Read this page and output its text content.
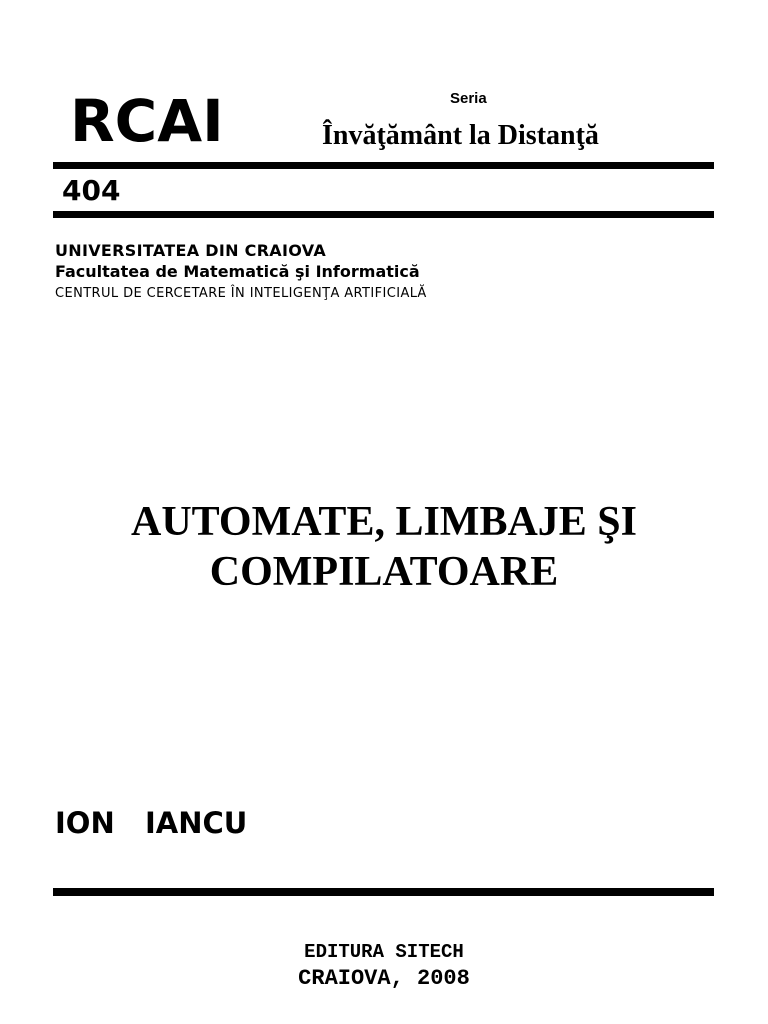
RCAI	Seria
Învăţământ la Distanţă
404
UNIVERSITATEA DIN CRAIOVA
Facultatea de Matematică şi Informatică
CENTRUL DE CERCETARE ÎN INTELIGENŢA ARTIFICIALĂ
AUTOMATE, LIMBAJE ŞI
COMPILATOARE
ION   IANCU
EDITURA SITECH
CRAIOVA, 2008
